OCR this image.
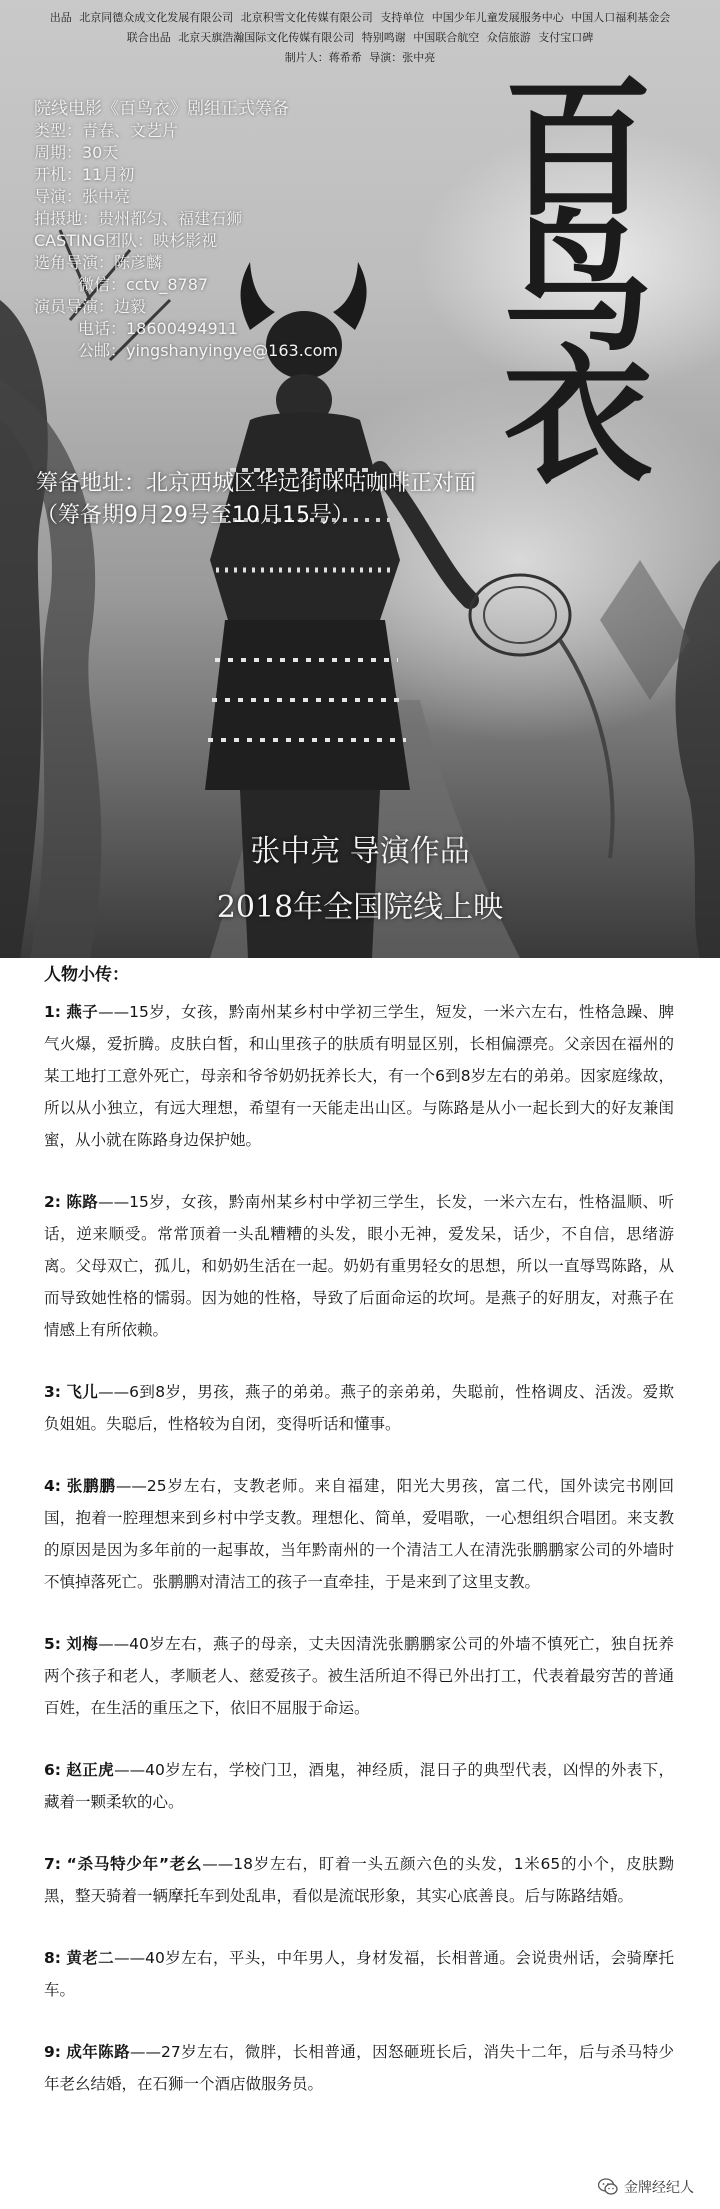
出品 北京同德众成文化发展有限公司 北京积雪文化传媒有限公司 支持单位 中国少年儿童发展服务中心 中国人口福利基金会
联合出品 北京天旗浩瀚国际文化传媒有限公司 特别鸣谢 中国联合航空 众信旅游 支付宝口碑
制片人：蒋希希 导演：张中亮
院线电影《百鸟衣》剧组正式筹备
类型：青春、文艺片
周期：30天
开机：11月初
导演：张中亮
拍摄地：贵州都匀、福建石狮
CASTING团队：映杉影视
选角导演：陈彦麟
微信：cctv_8787
演员导演：边毅
电话：18600494911
公邮：yingshanyingye@163.com
百
鸟
衣
筹备地址：北京西城区华远街咪咕咖啡正对面
（筹备期9月29号至10月15号）
张中亮 导演作品
2018年全国院线上映
人物小传：
1: 燕子——15岁，女孩，黔南州某乡村中学初三学生，短发，一米六左右，性格急躁、脾气火爆，爱折腾。皮肤白皙，和山里孩子的肤质有明显区别，长相偏漂亮。父亲因在福州的某工地打工意外死亡，母亲和爷爷奶奶抚养长大，有一个6到8岁左右的弟弟。因家庭缘故，所以从小独立，有远大理想，希望有一天能走出山区。与陈路是从小一起长到大的好友兼闺蜜，从小就在陈路身边保护她。
2: 陈路——15岁，女孩，黔南州某乡村中学初三学生，长发，一米六左右，性格温顺、听话，逆来顺受。常常顶着一头乱糟糟的头发，眼小无神，爱发呆，话少，不自信，思绪游离。父母双亡，孤儿，和奶奶生活在一起。奶奶有重男轻女的思想，所以一直辱骂陈路，从而导致她性格的懦弱。因为她的性格，导致了后面命运的坎坷。是燕子的好朋友，对燕子在情感上有所依赖。
3: 飞儿——6到8岁，男孩，燕子的弟弟。燕子的亲弟弟，失聪前，性格调皮、活泼。爱欺负姐姐。失聪后，性格较为自闭，变得听话和懂事。
4: 张鹏鹏——25岁左右，支教老师。来自福建，阳光大男孩，富二代，国外读完书刚回国，抱着一腔理想来到乡村中学支教。理想化、简单，爱唱歌，一心想组织合唱团。来支教的原因是因为多年前的一起事故，当年黔南州的一个清洁工人在清洗张鹏鹏家公司的外墙时不慎掉落死亡。张鹏鹏对清洁工的孩子一直牵挂，于是来到了这里支教。
5: 刘梅——40岁左右，燕子的母亲，丈夫因清洗张鹏鹏家公司的外墙不慎死亡，独自抚养两个孩子和老人，孝顺老人、慈爱孩子。被生活所迫不得已外出打工，代表着最穷苦的普通百姓，在生活的重压之下，依旧不屈服于命运。
6: 赵正虎——40岁左右，学校门卫，酒鬼，神经质，混日子的典型代表，凶悍的外表下，藏着一颗柔软的心。
7: “杀马特少年”老幺——18岁左右，盯着一头五颜六色的头发，1米65的小个，皮肤黝黑，整天骑着一辆摩托车到处乱串，看似是流氓形象，其实心底善良。后与陈路结婚。
8: 黄老二——40岁左右，平头，中年男人，身材发福，长相普通。会说贵州话，会骑摩托车。
9: 成年陈路——27岁左右，微胖，长相普通，因怒砸班长后，消失十二年，后与杀马特少年老幺结婚，在石狮一个酒店做服务员。
金牌经纪人
